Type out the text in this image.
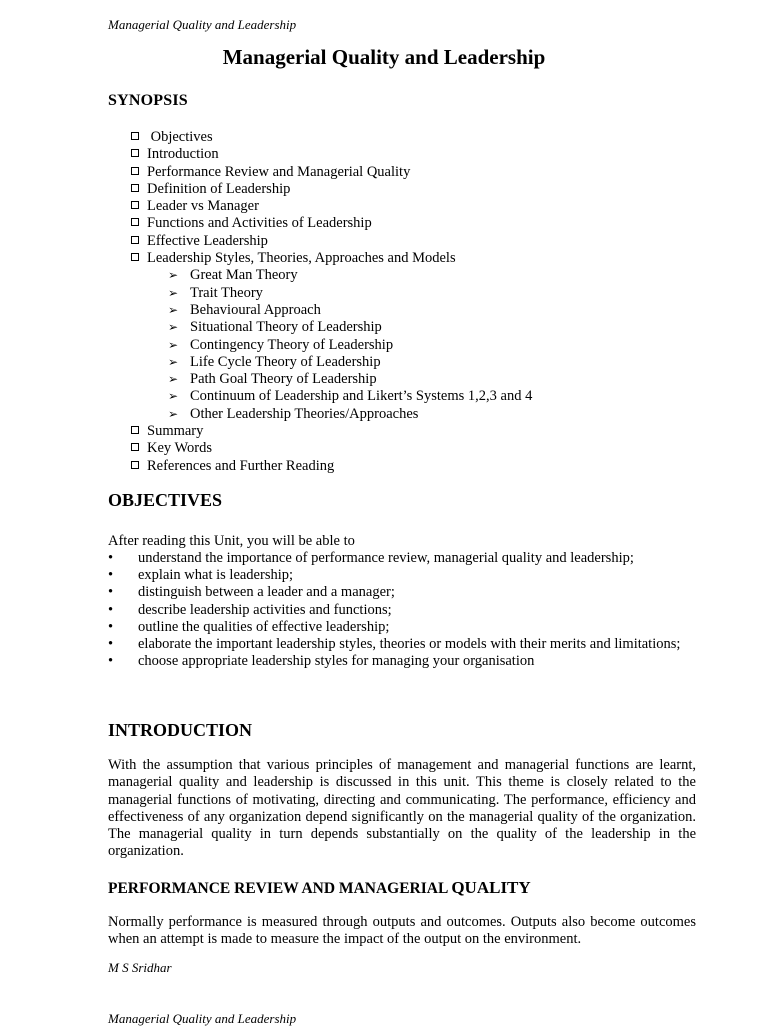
Managerial Quality and Leadership
Managerial Quality and Leadership
SYNOPSIS
Objectives
Introduction
Performance Review and Managerial Quality
Definition of Leadership
Leader vs Manager
Functions and Activities of Leadership
Effective Leadership
Leadership Styles, Theories, Approaches and Models
➢ Great Man Theory
➢ Trait Theory
➢ Behavioural Approach
➢ Situational Theory of Leadership
➢ Contingency Theory of Leadership
➢ Life Cycle Theory of Leadership
➢ Path Goal Theory of Leadership
➢ Continuum of Leadership and Likert’s Systems 1,2,3 and 4
➢ Other Leadership Theories/Approaches
Summary
Key Words
References and Further Reading
OBJECTIVES
After reading this Unit, you will be able to
•	understand the importance of performance review, managerial quality and leadership;
•	explain what is leadership;
•	distinguish between a leader and a manager;
•	describe leadership activities and functions;
•	outline the qualities of effective leadership;
•	elaborate the important leadership styles, theories or models with their merits and limitations;
•	choose appropriate leadership styles for managing your organisation
INTRODUCTION
With the assumption that various principles of management and managerial functions are learnt, managerial quality and leadership is discussed in this unit. This theme is closely related to the managerial functions of motivating, directing and communicating. The performance, efficiency and effectiveness of any organization depend significantly on the managerial quality of the organization. The managerial quality in turn depends substantially on the quality of the leadership in the organization.
PERFORMANCE REVIEW AND MANAGERIAL QUALITY
Normally performance is measured through outputs and outcomes. Outputs also become outcomes when an attempt is made to measure the impact of the output on the environment.
M S Sridhar
Managerial Quality and Leadership
